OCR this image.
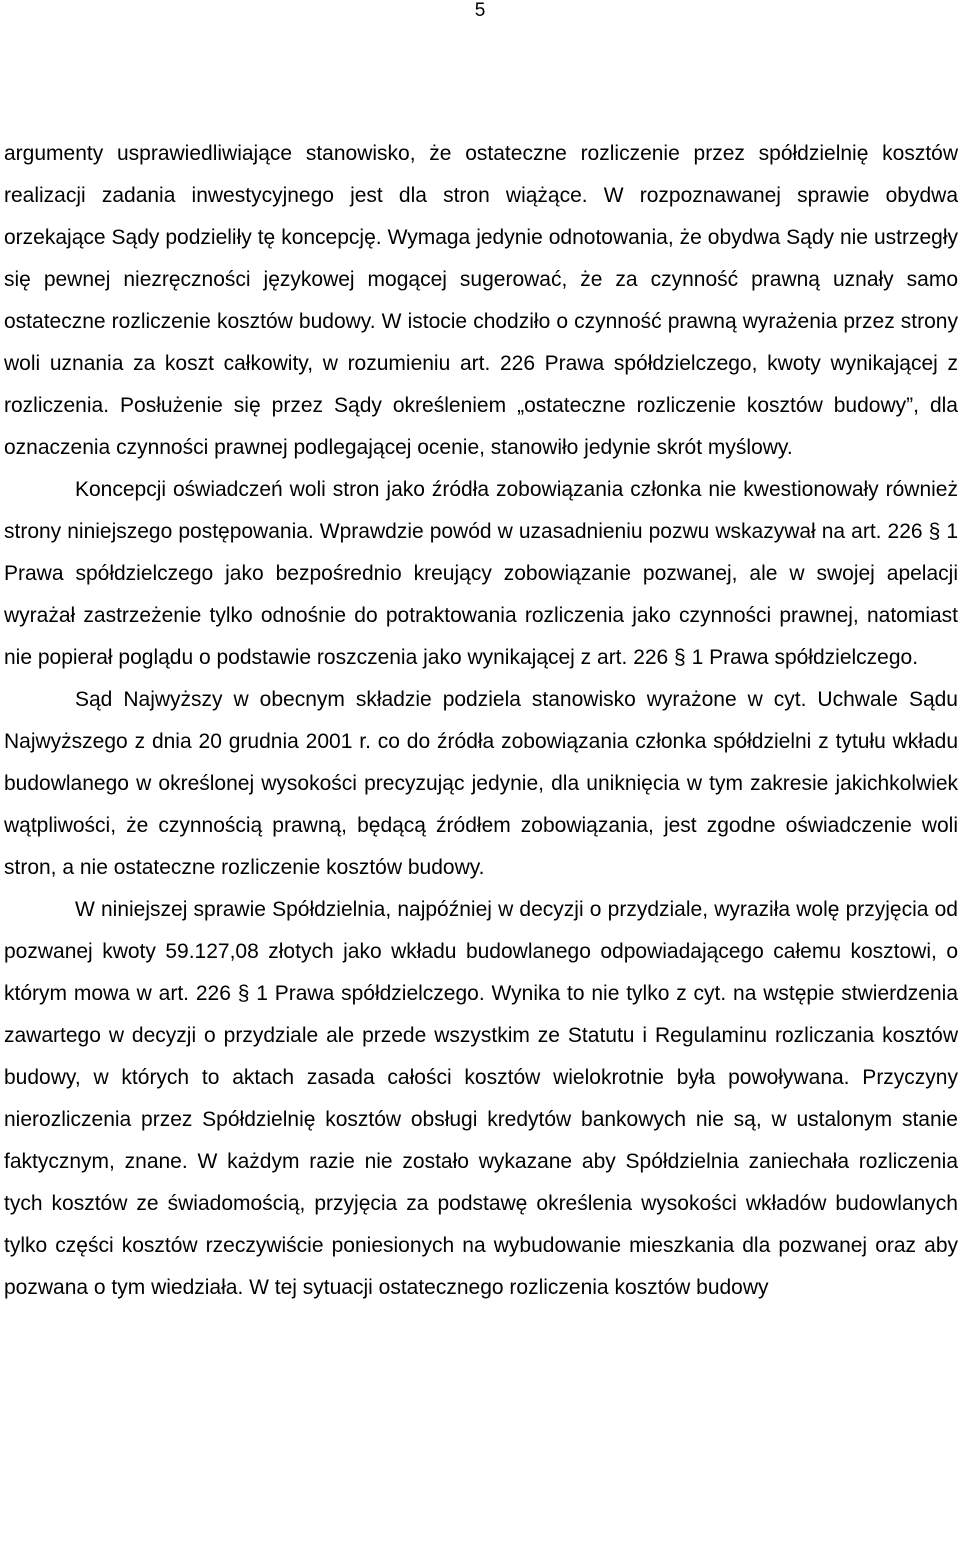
5

argumenty usprawiedliwiające stanowisko, że ostateczne rozliczenie przez spółdzielnię kosztów realizacji zadania inwestycyjnego jest dla stron wiążące. W rozpoznawanej sprawie obydwa orzekające Sądy podzieliły tę koncepcję. Wymaga jedynie odnotowania, że obydwa Sądy nie ustrzegły się pewnej niezręczności językowej mogącej sugerować, że za czynność prawną uznały samo ostateczne rozliczenie kosztów budowy. W istocie chodziło o czynność prawną wyrażenia przez strony woli uznania za koszt całkowity, w rozumieniu art. 226 Prawa spółdzielczego, kwoty wynikającej z rozliczenia. Posłużenie się przez Sądy określeniem „ostateczne rozliczenie kosztów budowy”, dla oznaczenia czynności prawnej podlegającej ocenie, stanowiło jedynie skrót myślowy.

Koncepcji oświadczeń woli stron jako źródła zobowiązania członka nie kwestionowały również strony niniejszego postępowania. Wprawdzie powód w uzasadnieniu pozwu wskazywał na art. 226 § 1 Prawa spółdzielczego jako bezpośrednio kreujący zobowiązanie pozwanej, ale w swojej apelacji wyrażał zastrzeżenie tylko odnośnie do potraktowania rozliczenia jako czynności prawnej, natomiast nie popierał poglądu o podstawie roszczenia jako wynikającej z art. 226 § 1 Prawa spółdzielczego.

Sąd Najwyższy w obecnym składzie podziela stanowisko wyrażone w cyt. Uchwale Sądu Najwyższego z dnia 20 grudnia 2001 r. co do źródła zobowiązania członka spółdzielni z tytułu wkładu budowlanego w określonej wysokości precyzując jedynie, dla uniknięcia w tym zakresie jakichkolwiek wątpliwości, że czynnością prawną, będącą źródłem zobowiązania, jest zgodne oświadczenie woli stron, a nie ostateczne rozliczenie kosztów budowy.

W niniejszej sprawie Spółdzielnia, najpóźniej w decyzji o przydziale, wyraziła wolę przyjęcia od pozwanej kwoty 59.127,08 złotych jako wkładu budowlanego odpowiadającego całemu kosztowi, o którym mowa w art. 226 § 1 Prawa spółdzielczego. Wynika to nie tylko z cyt. na wstępie stwierdzenia zawartego w decyzji o przydziale ale przede wszystkim ze Statutu i Regulaminu rozliczania kosztów budowy, w których to aktach zasada całości kosztów wielokrotnie była powoływana. Przyczyny nierozliczenia przez Spółdzielnię kosztów obsługi kredytów bankowych nie są, w ustalonym stanie faktycznym, znane. W każdym razie nie zostało wykazane aby Spółdzielnia zaniechała rozliczenia tych kosztów ze świadomością, przyjęcia za podstawę określenia wysokości wkładów budowlanych tylko części kosztów rzeczywiście poniesionych na wybudowanie mieszkania dla pozwanej oraz aby pozwana o tym wiedziała. W tej sytuacji ostatecznego rozliczenia kosztów budowy
